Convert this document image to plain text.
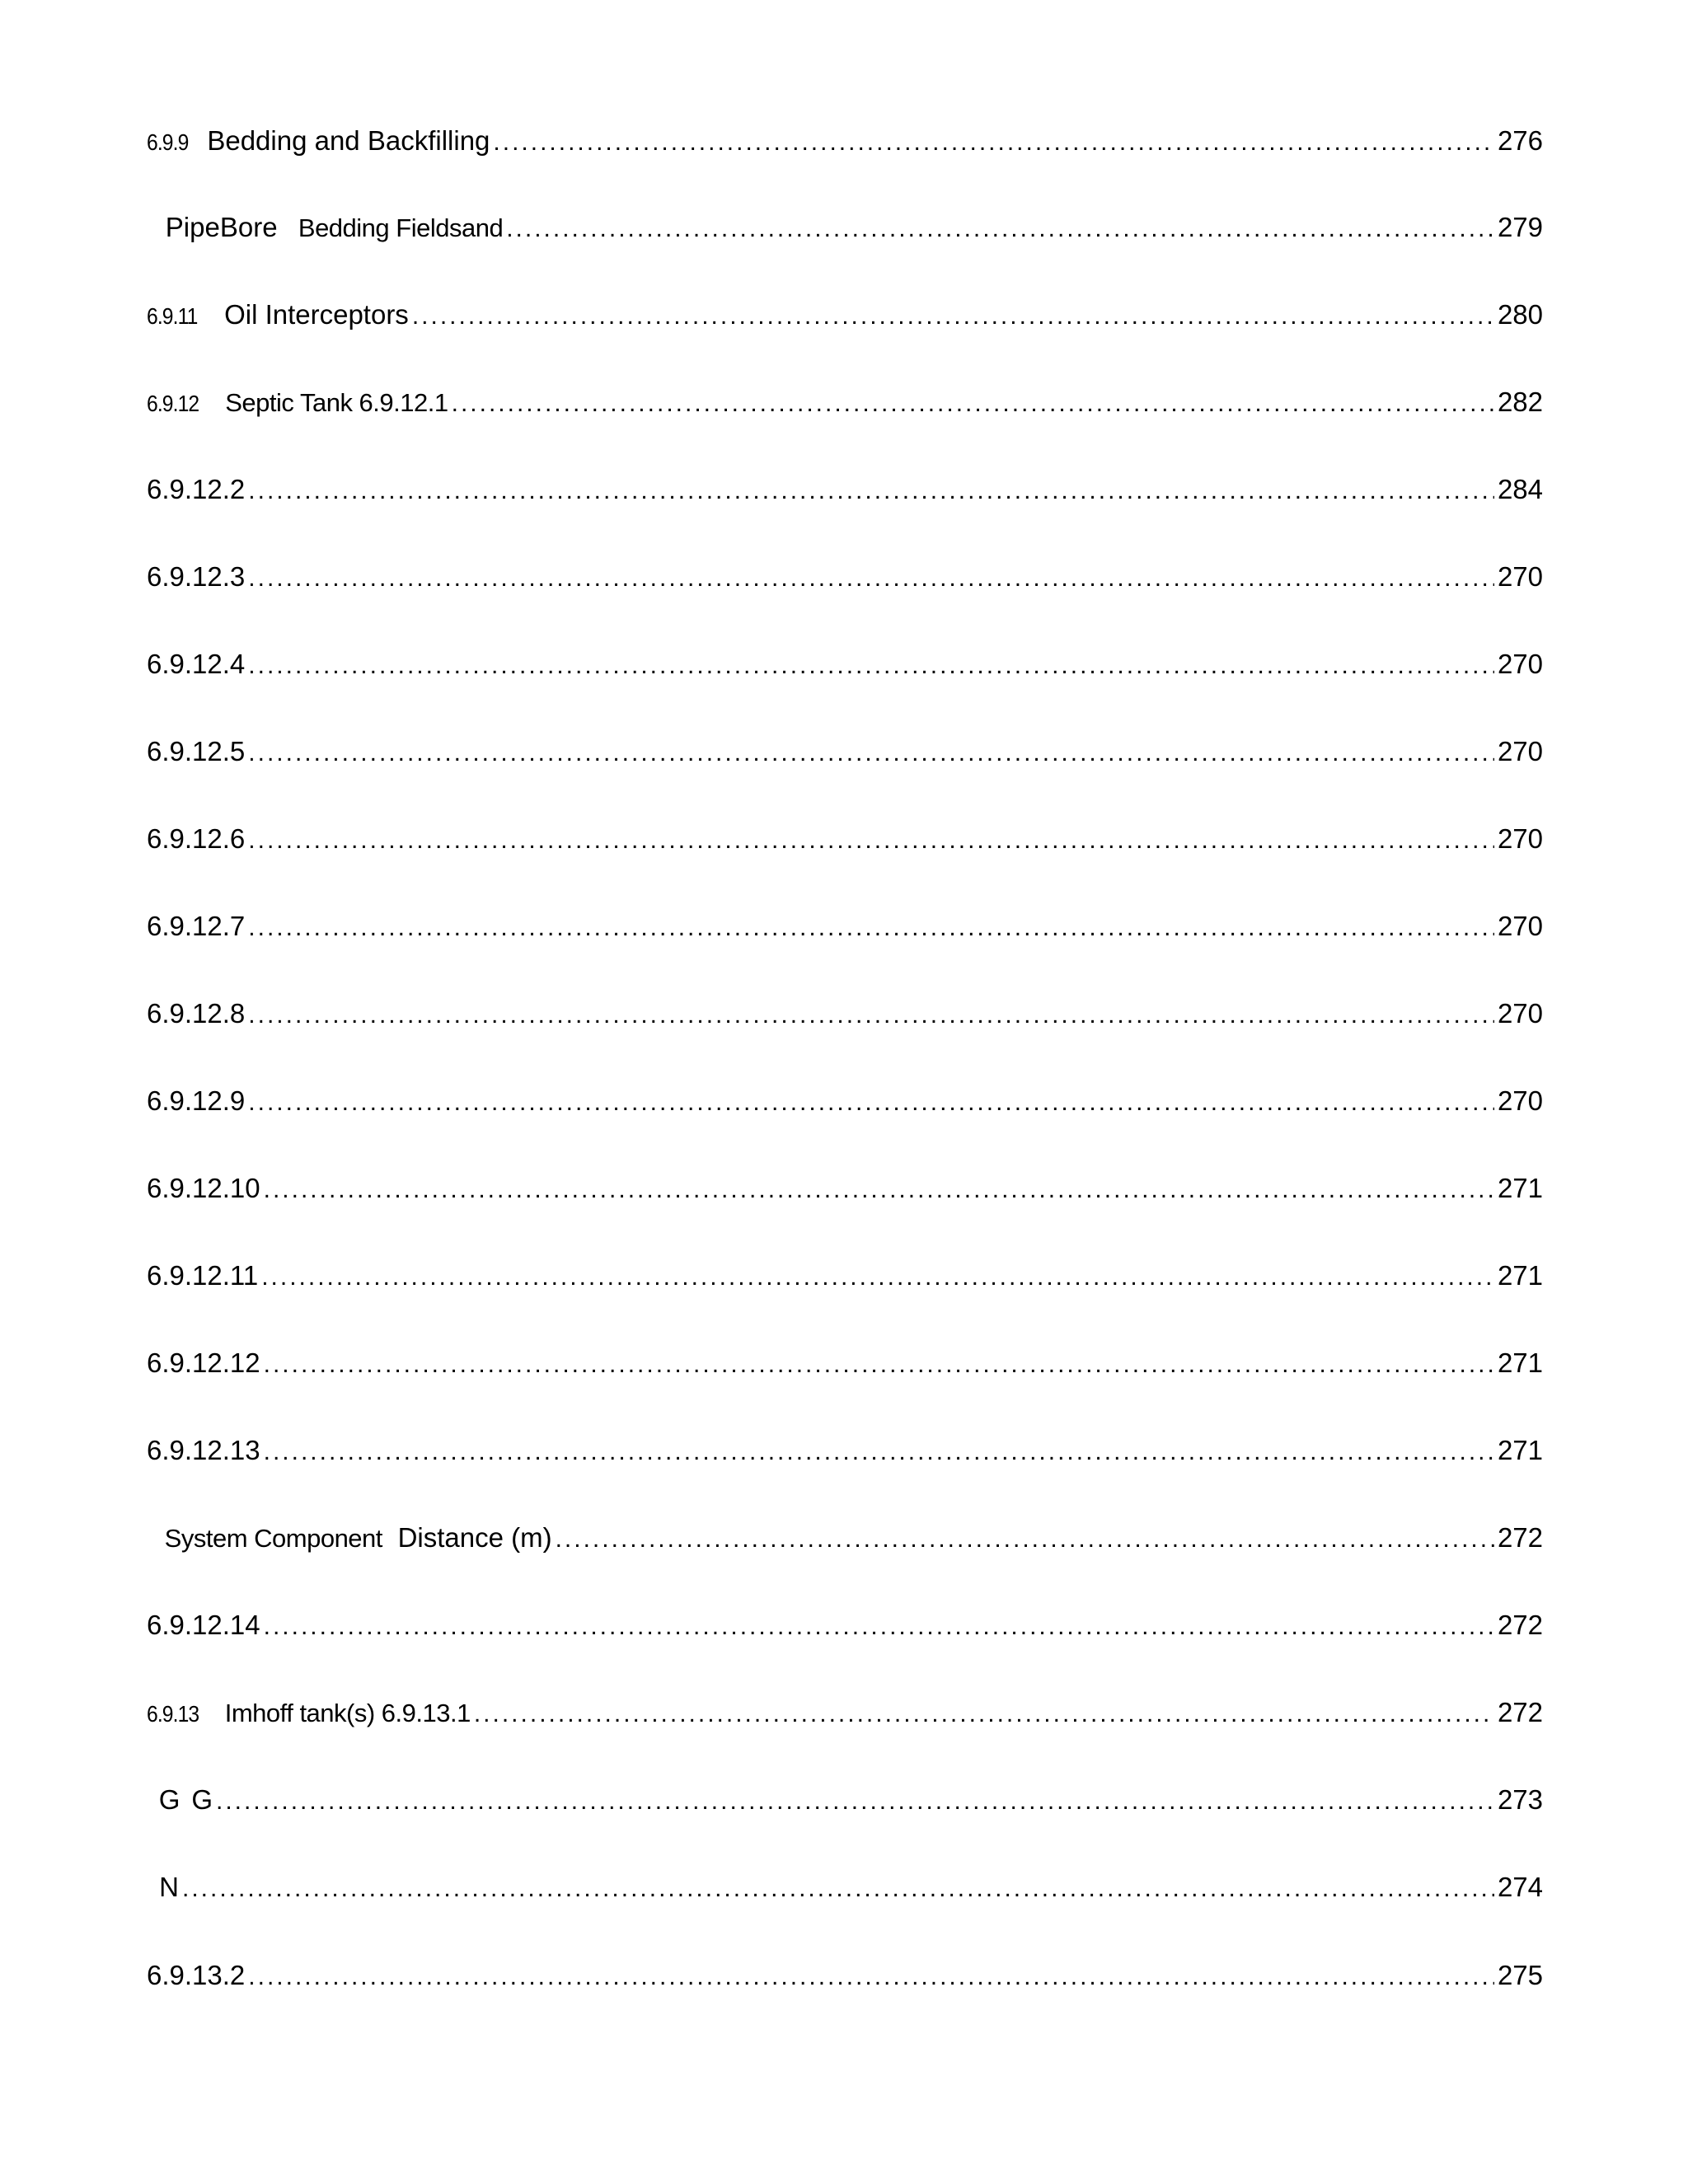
6.9.9 Bedding and Backfilling .....	276
PipeBore Bedding Fieldsand .....	279
6.9.11 Oil Interceptors .....	280
6.9.12 Septic Tank 6.9.12.1 .....	282
6.9.12.2 .....	284
6.9.12.3 .....	270
6.9.12.4 .....	270
6.9.12.5 .....	270
6.9.12.6 .....	270
6.9.12.7 .....	270
6.9.12.8 .....	270
6.9.12.9 .....	270
6.9.12.10 .....	271
6.9.12.11 .....	271
6.9.12.12 .....	271
6.9.12.13 .....	271
System Component Distance (m) .....	272
6.9.12.14 .....	272
6.9.13 Imhoff tank(s) 6.9.13.1 .....	272
G G .....	273
N .....	274
6.9.13.2 .....	275
